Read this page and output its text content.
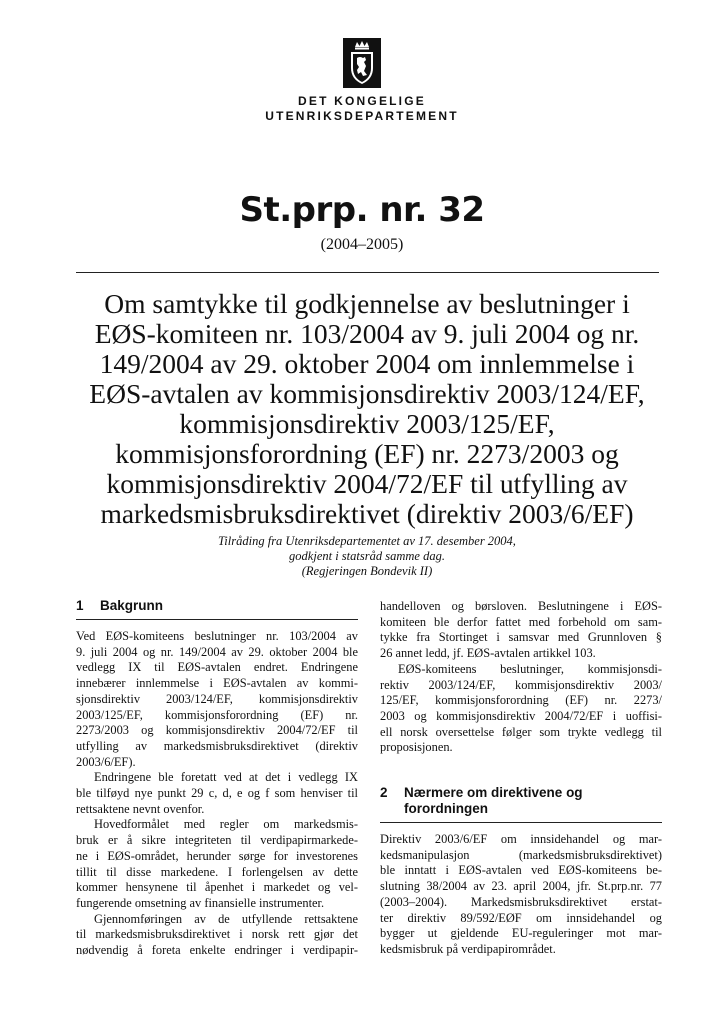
DET KONGELIGE
UTENRIKSDEPARTEMENT
St.prp. nr. 32
(2004–2005)
Om samtykke til godkjennelse av beslutninger i
EØS-komiteen nr. 103/2004 av 9. juli 2004 og nr.
149/2004 av 29. oktober 2004 om innlemmelse i
EØS-avtalen av kommisjonsdirektiv 2003/124/EF,
kommisjonsdirektiv 2003/125/EF,
kommisjonsforordning (EF) nr. 2273/2003 og
kommisjonsdirektiv 2004/72/EF til utfylling av
markedsmisbruksdirektivet (direktiv 2003/6/EF)
Tilråding fra Utenriksdepartementet av 17. desember 2004,
godkjent i statsråd samme dag.
(Regjeringen Bondevik II)
1	Bakgrunn
Ved EØS-komiteens beslutninger nr. 103/2004 av
9. juli 2004 og nr. 149/2004 av 29. oktober 2004 ble
vedlegg IX til EØS-avtalen endret. Endringene
innebærer innlemmelse i EØS-avtalen av kommi-
sjonsdirektiv 2003/124/EF, kommisjonsdirektiv
2003/125/EF, kommisjonsforordning (EF) nr.
2273/2003 og kommisjonsdirektiv 2004/72/EF til
utfylling av markedsmisbruksdirektivet (direktiv
2003/6/EF).
Endringene ble foretatt ved at det i vedlegg IX
ble tilføyd nye punkt 29 c, d, e og f som henviser til
rettsaktene nevnt ovenfor.
Hovedformålet med regler om markedsmis-
bruk er å sikre integriteten til verdipapirmarkede-
ne i EØS-området, herunder sørge for investorenes
tillit til disse markedene. I forlengelsen av dette
kommer hensynene til åpenhet i markedet og vel-
fungerende omsetning av finansielle instrumenter.
Gjennomføringen av de utfyllende rettsaktene
til markedsmisbruksdirektivet i norsk rett gjør det
nødvendig å foreta enkelte endringer i verdipapir-
handelloven og børsloven. Beslutningene i EØS-
komiteen ble derfor fattet med forbehold om sam-
tykke fra Stortinget i samsvar med Grunnloven §
26 annet ledd, jf. EØS-avtalen artikkel 103.
EØS-komiteens beslutninger, kommisjonsdi-
rektiv 2003/124/EF, kommisjonsdirektiv 2003/
125/EF, kommisjonsforordning (EF) nr. 2273/
2003 og kommisjonsdirektiv 2004/72/EF i uoffisi-
ell norsk oversettelse følger som trykte vedlegg til
proposisjonen.
2	Nærmere om direktivene og
forordningen
Direktiv 2003/6/EF om innsidehandel og mar-
kedsmanipulasjon (markedsmisbruksdirektivet)
ble inntatt i EØS-avtalen ved EØS-komiteens be-
slutning 38/2004 av 23. april 2004, jfr. St.prp.nr. 77
(2003–2004). Markedsmisbruksdirektivet erstat-
ter direktiv 89/592/EØF om innsidehandel og
bygger ut gjeldende EU-reguleringer mot mar-
kedsmisbruk på verdipapirområdet.
